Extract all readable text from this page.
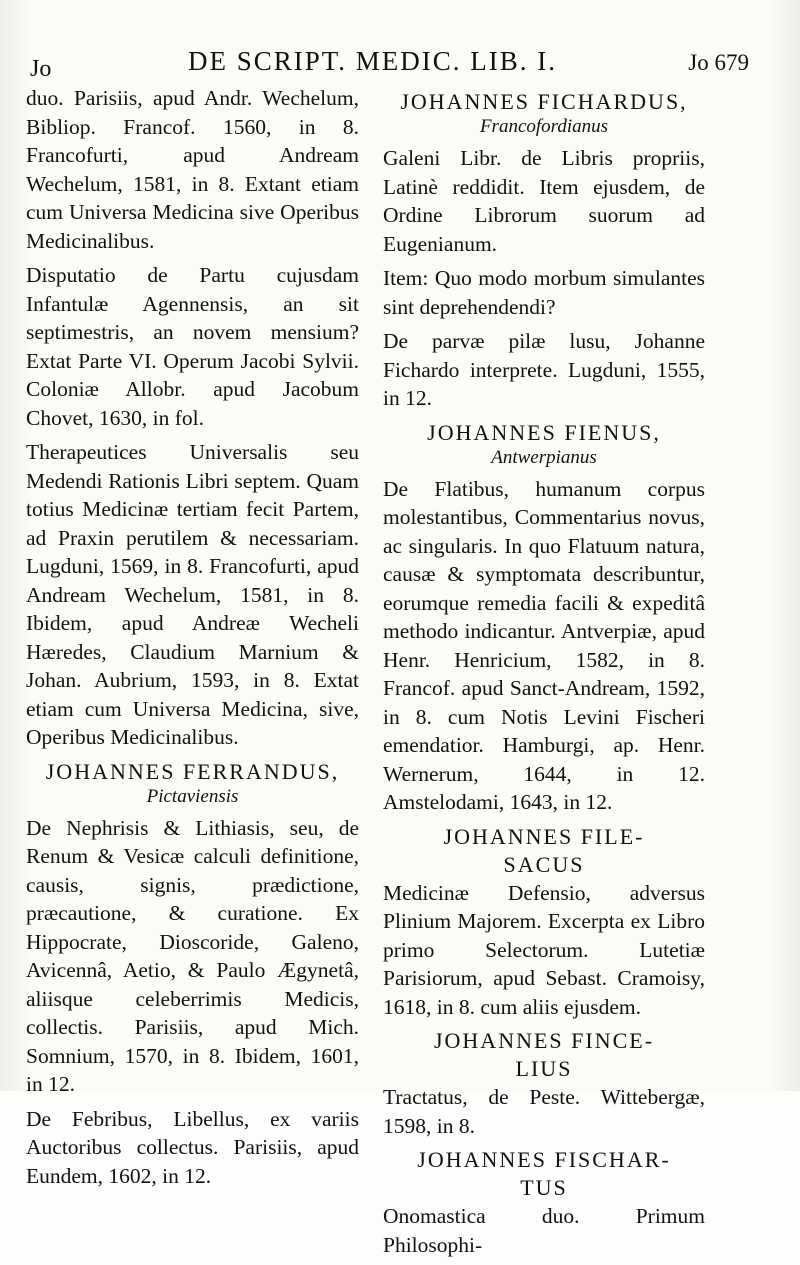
Jo	DE SCRIPT. MEDIC. LIB. I.	Jo 679

duo. Parisiis, apud Andr. Wechelum, Bibliop. Francof. 1560, in 8. Francofurti, apud Andream Wechelum, 1581, in 8. Extant etiam cum Universa Medicina sive Operibus Medicinalibus.

Disputatio de Partu cujusdam Infantulæ Agennensis, an sit septimestris, an novem mensium? Extat Parte VI. Operum Jacobi Sylvii. Coloniæ Allobr. apud Jacobum Chovet, 1630, in fol.

Therapeutices Universalis seu Medendi Rationis Libri septem. Quam totius Medicinæ tertiam fecit Partem, ad Praxin perutilem & necessariam. Lugduni, 1569, in 8. Francofurti, apud Andream Wechelum, 1581, in 8. Ibidem, apud Andreæ Wecheli Hæredes, Claudium Marnium & Johan. Aubrium, 1593, in 8. Extat etiam cum Universa Medicina, sive, Operibus Medicinalibus.

JOHANNES FERRANDUS,
Pictaviensis

De Nephrisis & Lithiasis, seu, de Renum & Vesicæ calculi definitione, causis, signis, prædictione, præcautione, & curatione. Ex Hippocrate, Dioscoride, Galeno, Avicennâ, Aetio, & Paulo Ægynetâ, aliisque celeberrimis Medicis, collectis. Parisiis, apud Mich. Somnium, 1570, in 8. Ibidem, 1601, in 12.

De Febribus, Libellus, ex variis Auctoribus collectus. Parisiis, apud Eundem, 1602, in 12.

JOHANNES FICHARDUS,
Francofordianus

Galeni Libr. de Libris propriis, Latinè reddidit. Item ejusdem, de Ordine Librorum suorum ad Eugenianum.

Item: Quo modo morbum simulantes sint deprehendendi?

De parvæ pilæ lusu, Johanne Fichardo interprete. Lugduni, 1555, in 12.

JOHANNES FIENUS,
Antwerpianus

De Flatibus, humanum corpus molestantibus, Commentarius novus, ac singularis. In quo Flatuum natura, causæ & symptomata describuntur, eorumque remedia facili & expeditâ methodo indicantur. Antverpiæ, apud Henr. Henricium, 1582, in 8. Francof. apud Sanct-Andream, 1592, in 8. cum Notis Levini Fischeri emendatior. Hamburgi, ap. Henr. Wernerum, 1644, in 12. Amstelodami, 1643, in 12.

JOHANNES FILE-
SACUS

Medicinæ Defensio, adversus Plinium Majorem. Excerpta ex Libro primo Selectorum. Lutetiæ Parisiorum, apud Sebast. Cramoisy, 1618, in 8. cum aliis ejusdem.

JOHANNES FINCE-
LIUS

Tractatus, de Peste. Wittebergæ, 1598, in 8.

JOHANNES FISCHAR-
TUS

Onomastica duo. Primum Philosophi-
